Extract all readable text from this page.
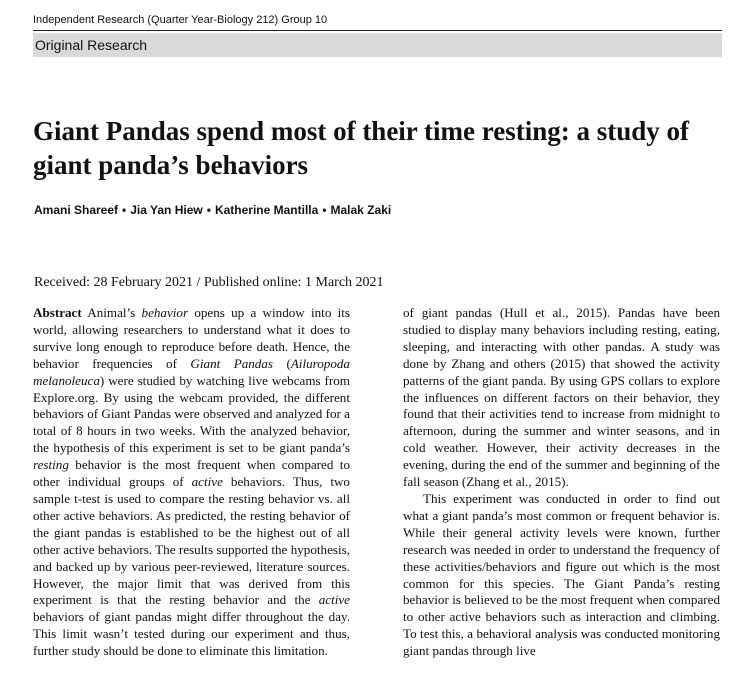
Independent Research (Quarter Year-Biology 212) Group 10
Original Research
Giant Pandas spend most of their time resting: a study of giant panda’s behaviors
Amani Shareef • Jia Yan Hiew • Katherine Mantilla • Malak Zaki
Received: 28 February 2021 / Published online: 1 March 2021

Abstract Animal’s behavior opens up a window into its world, allowing researchers to understand what it does to survive long enough to reproduce before death. Hence, the behavior frequencies of Giant Pandas (Ailuropoda melanoleuca) were studied by watching live webcams from Explore.org. By using the webcam provided, the different behaviors of Giant Pandas were observed and analyzed for a total of 8 hours in two weeks. With the analyzed behavior, the hypothesis of this experiment is set to be giant panda’s resting behavior is the most frequent when compared to other individual groups of active behaviors. Thus, two sample t-test is used to compare the resting behavior vs. all other active behaviors. As predicted, the resting behavior of the giant pandas is established to be the highest out of all other active behaviors. The results supported the hypothesis, and backed up by various peer-reviewed, literature sources. However, the major limit that was derived from this experiment is that the resting behavior and the active behaviors of giant pandas might differ throughout the day. This limit wasn’t tested during our experiment and thus, further study should be done to eliminate this limitation.

of giant pandas (Hull et al., 2015). Pandas have been studied to display many behaviors including resting, eating, sleeping, and interacting with other pandas. A study was done by Zhang and others (2015) that showed the activity patterns of the giant panda. By using GPS collars to explore the influences on different factors on their behavior, they found that their activities tend to increase from midnight to afternoon, during the summer and winter seasons, and in cold weather. However, their activity decreases in the evening, during the end of the summer and beginning of the fall season (Zhang et al., 2015).

This experiment was conducted in order to find out what a giant panda’s most common or frequent behavior is. While their general activity levels were known, further research was needed in order to understand the frequency of these activities/behaviors and figure out which is the most common for this species. The Giant Panda’s resting behavior is believed to be the most frequent when compared to other active behaviors such as interaction and climbing. To test this, a behavioral analysis was conducted monitoring giant pandas through live
